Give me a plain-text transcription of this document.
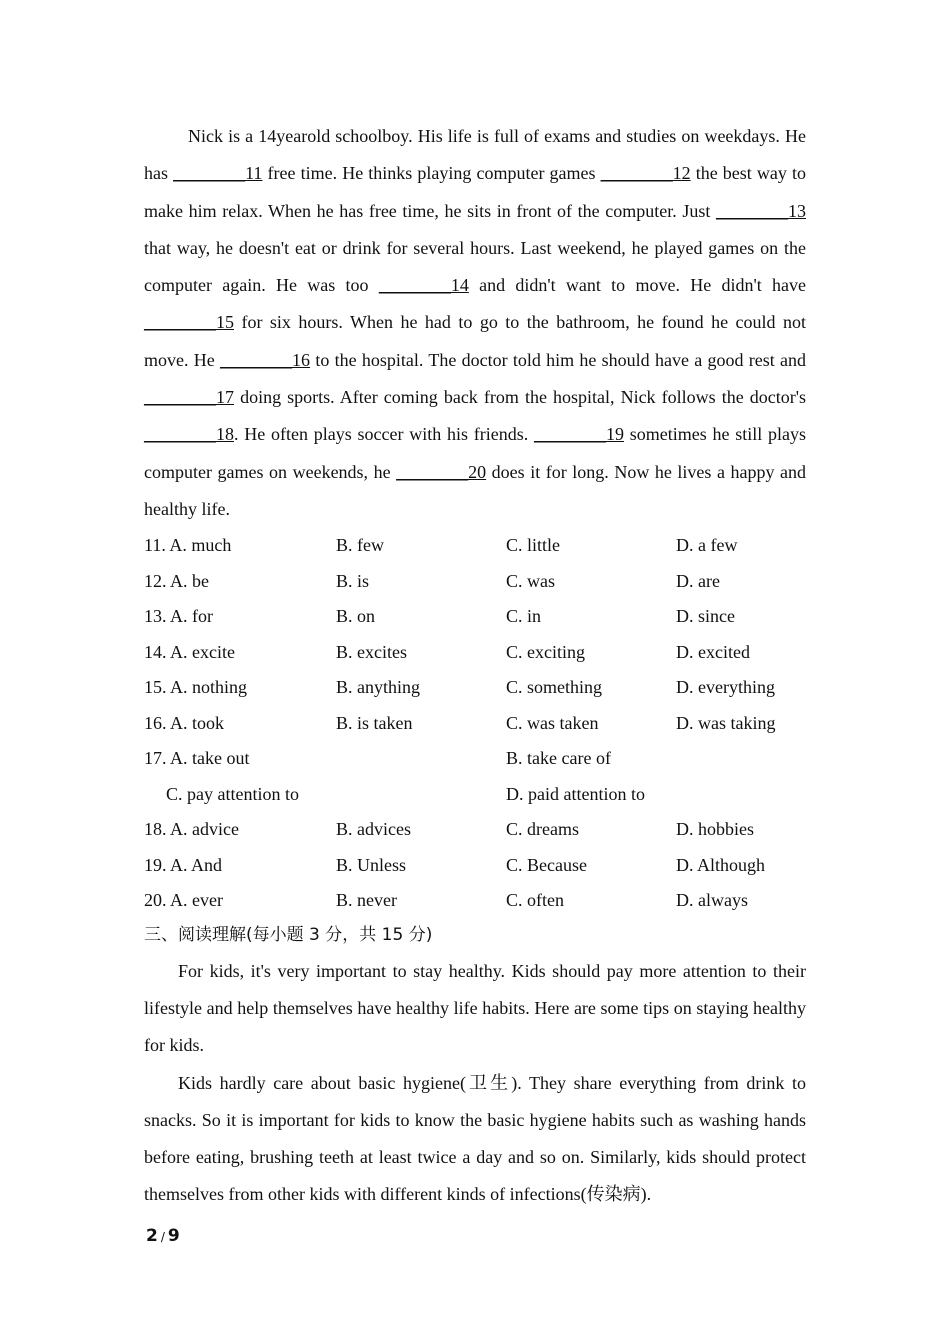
Nick is a 14yearold schoolboy. His life is full of exams and studies on weekdays. He has ________11 free time. He thinks playing computer games ________12 the best way to make him relax. When he has free time, he sits in front of the computer. Just ________13 that way, he doesn't eat or drink for several hours. Last weekend, he played games on the computer again. He was too ________14 and didn't want to move. He didn't have ________15 for six hours. When he had to go to the bathroom, he found he could not move. He ________16 to the hospital. The doctor told him he should have a good rest and ________17 doing sports. After coming back from the hospital, Nick follows the doctor's ________18. He often plays soccer with his friends. ________19 sometimes he still plays computer games on weekends, he ________20 does it for long. Now he lives a happy and healthy life.

11. A. much	B. few	C. little	D. a few
12. A. be	B. is	C. was	D. are
13. A. for	B. on	C. in	D. since
14. A. excite	B. excites	C. exciting	D. excited
15. A. nothing	B. anything	C. something	D. everything
16. A. took	B. is taken	C. was taken	D. was taking
17. A. take out	B. take care of
C. pay attention to	D. paid attention to
18. A. advice	B. advices	C. dreams	D. hobbies
19. A. And	B. Unless	C. Because	D. Although
20. A. ever	B. never	C. often	D. always
三、阅读理解(每小题 3 分，共 15 分)

For kids, it's very important to stay healthy. Kids should pay more attention to their lifestyle and help themselves have healthy life habits. Here are some tips on staying healthy for kids.

Kids hardly care about basic hygiene(卫生). They share everything from drink to snacks. So it is important for kids to know the basic hygiene habits such as washing hands before eating, brushing teeth at least twice a day and so on. Similarly, kids should protect themselves from other kids with different kinds of infections(传染病).

2 / 9
